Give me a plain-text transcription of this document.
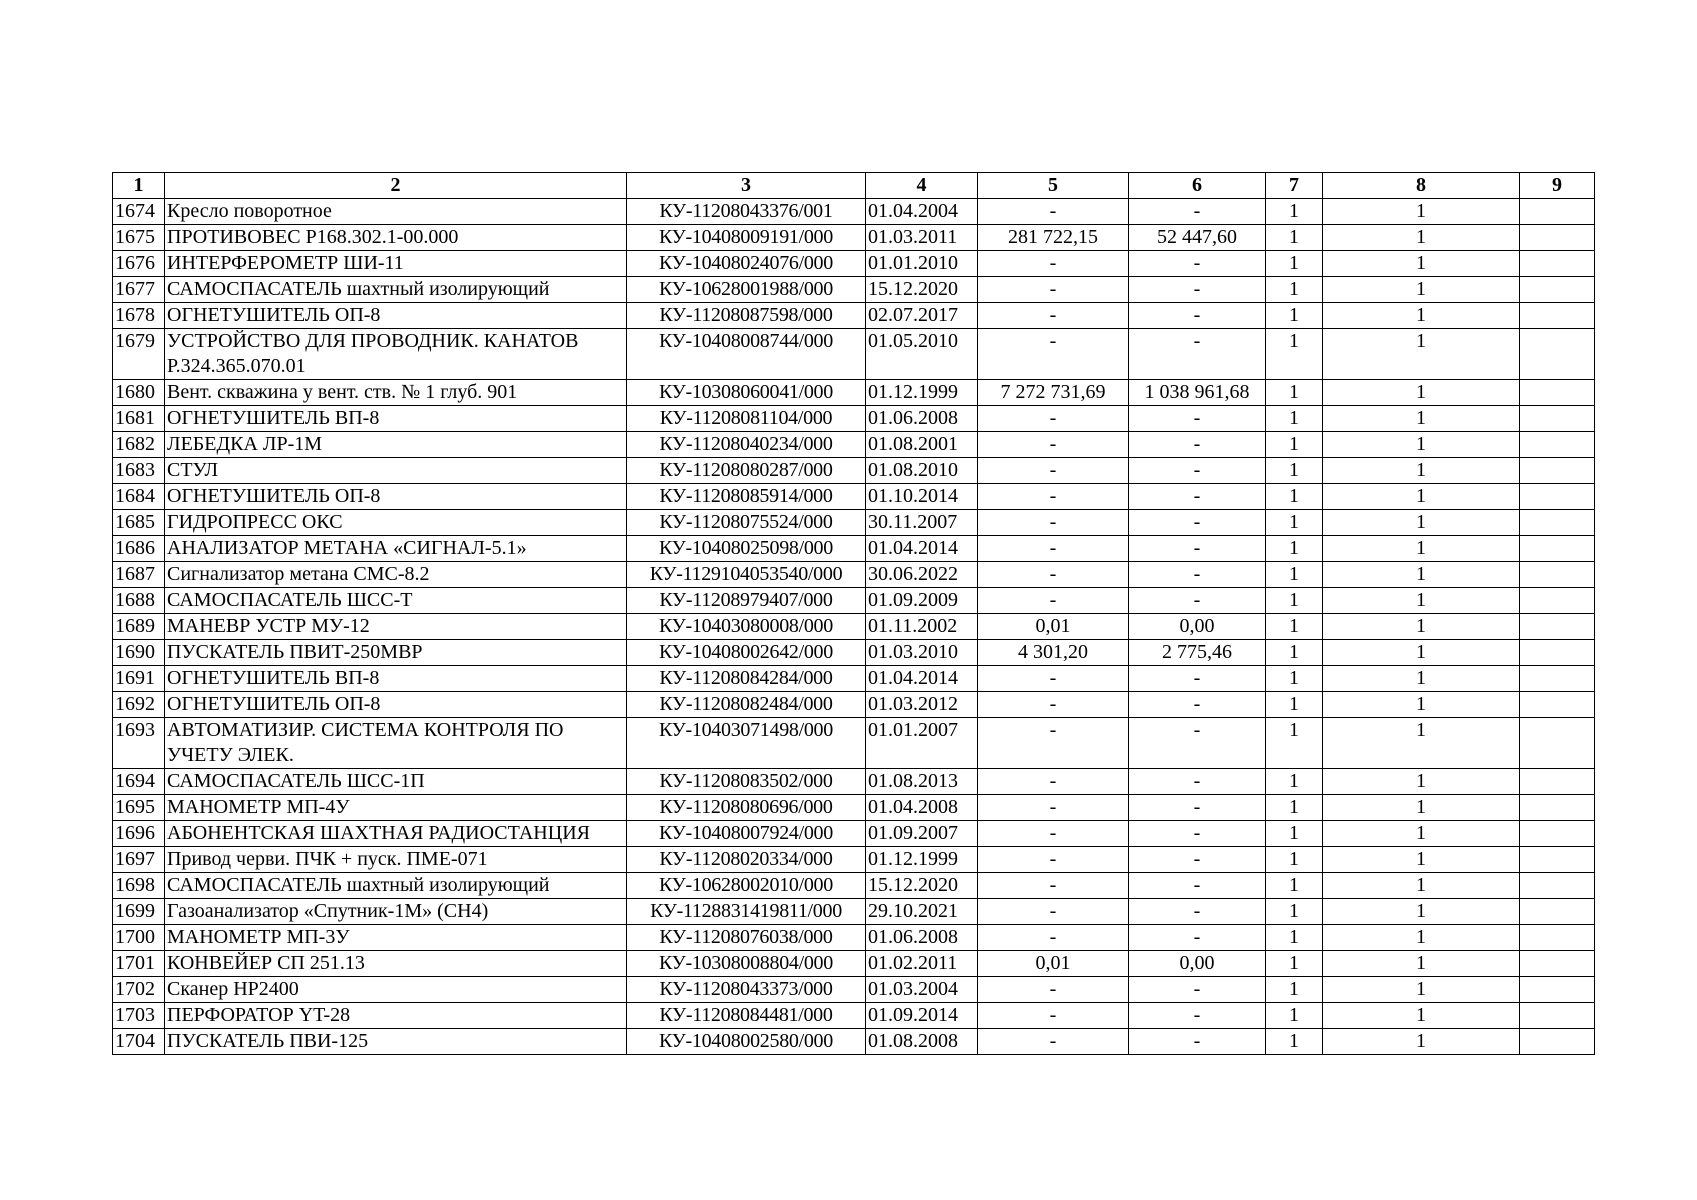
1	2	3	4	5	6	7	8	9
1674	Кресло поворотное	КУ-11208043376/001	01.04.2004	-	-	1	1	
1675	ПРОТИВОВЕС Р168.302.1-00.000	КУ-10408009191/000	01.03.2011	281 722,15	52 447,60	1	1	
1676	ИНТЕРФЕРОМЕТР ШИ-11	КУ-10408024076/000	01.01.2010	-	-	1	1	
1677	САМОСПАСАТЕЛЬ шахтный изолирующий	КУ-10628001988/000	15.12.2020	-	-	1	1	
1678	ОГНЕТУШИТЕЛЬ ОП-8	КУ-11208087598/000	02.07.2017	-	-	1	1	
1679	УСТРОЙСТВО ДЛЯ ПРОВОДНИК. КАНАТОВ Р.324.365.070.01	КУ-10408008744/000	01.05.2010	-	-	1	1	
1680	Вент. скважина у вент. ств. № 1 глуб. 901	КУ-10308060041/000	01.12.1999	7 272 731,69	1 038 961,68	1	1	
1681	ОГНЕТУШИТЕЛЬ ВП-8	КУ-11208081104/000	01.06.2008	-	-	1	1	
1682	ЛЕБЕДКА ЛР-1М	КУ-11208040234/000	01.08.2001	-	-	1	1	
1683	СТУЛ	КУ-11208080287/000	01.08.2010	-	-	1	1	
1684	ОГНЕТУШИТЕЛЬ ОП-8	КУ-11208085914/000	01.10.2014	-	-	1	1	
1685	ГИДРОПРЕСС ОКС	КУ-11208075524/000	30.11.2007	-	-	1	1	
1686	АНАЛИЗАТОР МЕТАНА «СИГНАЛ-5.1»	КУ-10408025098/000	01.04.2014	-	-	1	1	
1687	Сигнализатор метана СМС-8.2	КУ-1129104053540/000	30.06.2022	-	-	1	1	
1688	САМОСПАСАТЕЛЬ ШСС-Т	КУ-11208979407/000	01.09.2009	-	-	1	1	
1689	МАНЕВР УСТР МУ-12	КУ-10403080008/000	01.11.2002	0,01	0,00	1	1	
1690	ПУСКАТЕЛЬ ПВИТ-250МВР	КУ-10408002642/000	01.03.2010	4 301,20	2 775,46	1	1	
1691	ОГНЕТУШИТЕЛЬ ВП-8	КУ-11208084284/000	01.04.2014	-	-	1	1	
1692	ОГНЕТУШИТЕЛЬ ОП-8	КУ-11208082484/000	01.03.2012	-	-	1	1	
1693	АВТОМАТИЗИР. СИСТЕМА КОНТРОЛЯ ПО УЧЕТУ ЭЛЕК.	КУ-10403071498/000	01.01.2007	-	-	1	1	
1694	САМОСПАСАТЕЛЬ ШСС-1П	КУ-11208083502/000	01.08.2013	-	-	1	1	
1695	МАНОМЕТР МП-4У	КУ-11208080696/000	01.04.2008	-	-	1	1	
1696	АБОНЕНТСКАЯ ШАХТНАЯ РАДИОСТАНЦИЯ	КУ-10408007924/000	01.09.2007	-	-	1	1	
1697	Привод черви. ПЧК + пуск. ПМЕ-071	КУ-11208020334/000	01.12.1999	-	-	1	1	
1698	САМОСПАСАТЕЛЬ шахтный изолирующий	КУ-10628002010/000	15.12.2020	-	-	1	1	
1699	Газоанализатор «Спутник-1М» (СН4)	КУ-1128831419811/000	29.10.2021	-	-	1	1	
1700	МАНОМЕТР МП-3У	КУ-11208076038/000	01.06.2008	-	-	1	1	
1701	КОНВЕЙЕР СП 251.13	КУ-10308008804/000	01.02.2011	0,01	0,00	1	1	
1702	Сканер HP2400	КУ-11208043373/000	01.03.2004	-	-	1	1	
1703	ПЕРФОРАТОР YT-28	КУ-11208084481/000	01.09.2014	-	-	1	1	
1704	ПУСКАТЕЛЬ ПВИ-125	КУ-10408002580/000	01.08.2008	-	-	1	1	
